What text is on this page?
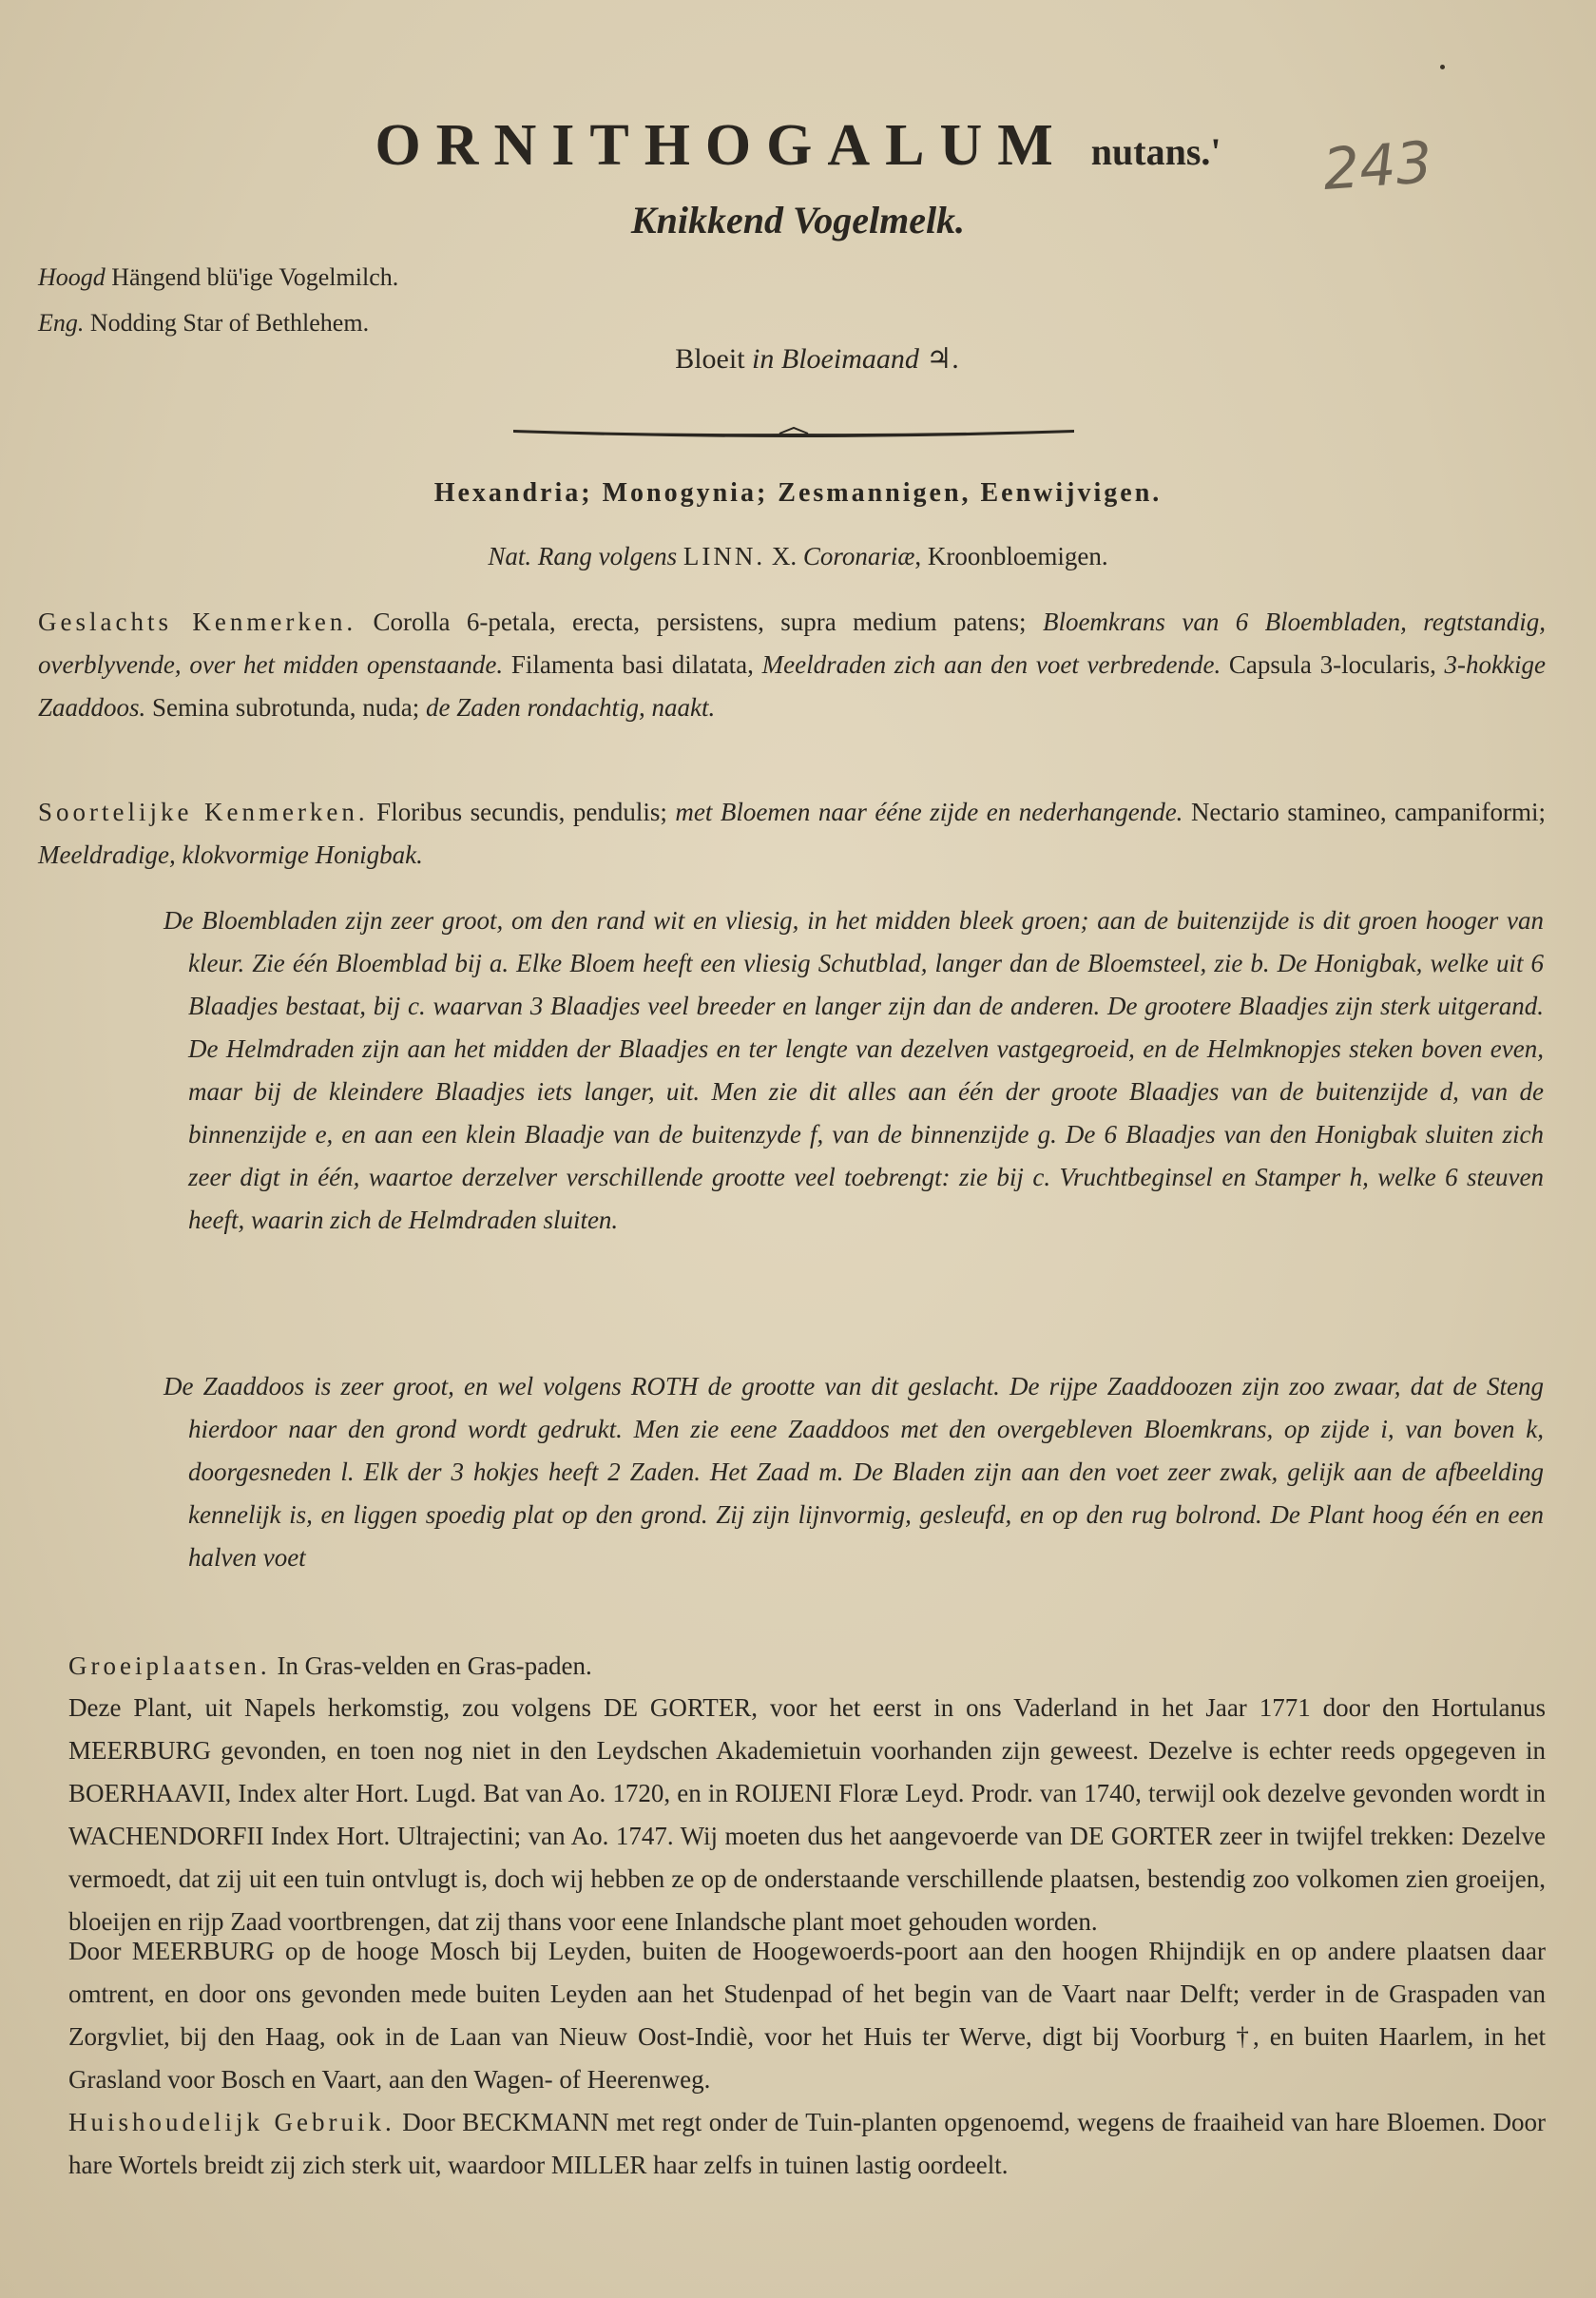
ORNITHOGALUM nutans.'	243
Knikkend Vogelmelk.
Hoogd Hängend blü'ige Vogelmilch.
Eng. Nodding Star of Bethlehem.
Bloeit in Bloeimaand ♃.
Hexandria; Monogynia; Zesmannigen, Eenwijvigen.
Nat. Rang volgens LINN. X. Coronariæ, Kroonbloemigen.
Geslachts Kenmerken. Corolla 6-petala, erecta, persistens, supra medium patens; Bloemkrans van 6 Bloembladen, regtstandig, overblyvende, over het midden openstaande. Filamenta basi dilatata, Meeldraden zich aan den voet verbredende. Capsula 3-locularis, 3-hokkige Zaaddoos. Semina subrotunda, nuda; de Zaden rondachtig, naakt.
Soortelijke Kenmerken. Floribus secundis, pendulis; met Bloemen naar ééne zijde en nederhangende. Nectario stamineo, campaniformi; Meeldradige, klokvormige Honigbak.
De Bloembladen zijn zeer groot, om den rand wit en vliesig, in het midden bleek groen; aan de buitenzijde is dit groen hooger van kleur. Zie één Bloemblad bij a. Elke Bloem heeft een vliesig Schutblad, langer dan de Bloemsteel, zie b. De Honigbak, welke uit 6 Blaadjes bestaat, bij c. waarvan 3 Blaadjes veel breeder en langer zijn dan de anderen. De grootere Blaadjes zijn sterk uitgerand. De Helmdraden zijn aan het midden der Blaadjes en ter lengte van dezelven vastgegroeid, en de Helmknopjes steken boven even, maar bij de kleindere Blaadjes iets langer, uit. Men zie dit alles aan één der groote Blaadjes van de buitenzijde d, van de binnenzijde e, en aan een klein Blaadje van de buitenzyde f, van de binnenzijde g. De 6 Blaadjes van den Honigbak sluiten zich zeer digt in één, waartoe derzelver verschillende grootte veel toebrengt: zie bij c. Vruchtbeginsel en Stamper h, welke 6 steuven heeft, waarin zich de Helmdraden sluiten.
De Zaaddoos is zeer groot, en wel volgens ROTH de grootte van dit geslacht. De rijpe Zaaddoozen zijn zoo zwaar, dat de Steng hierdoor naar den grond wordt gedrukt. Men zie eene Zaaddoos met den overgebleven Bloemkrans, op zijde i, van boven k, doorgesneden l. Elk der 3 hokjes heeft 2 Zaden. Het Zaad m. De Bladen zijn aan den voet zeer zwak, gelijk aan de afbeelding kennelijk is, en liggen spoedig plat op den grond. Zij zijn lijnvormig, gesleufd, en op den rug bolrond. De Plant hoog één en een halven voet
Groeiplaatsen. In Gras-velden en Gras-paden.
Deze Plant, uit Napels herkomstig, zou volgens DE GORTER, voor het eerst in ons Vaderland in het Jaar 1771 door den Hortulanus MEERBURG gevonden, en toen nog niet in den Leydschen Akademietuin voorhanden zijn geweest. Dezelve is echter reeds opgegeven in BOERHAAVII, Index alter Hort. Lugd. Bat van Ao. 1720, en in ROIJENI Floræ Leyd. Prodr. van 1740, terwijl ook dezelve gevonden wordt in WACHENDORFII Index Hort. Ultrajectini; van Ao. 1747. Wij moeten dus het aangevoerde van DE GORTER zeer in twijfel trekken: Dezelve vermoedt, dat zij uit een tuin ontvlugt is, doch wij hebben ze op de onderstaande verschillende plaatsen, bestendig zoo volkomen zien groeijen, bloeijen en rijp Zaad voortbrengen, dat zij thans voor eene Inlandsche plant moet gehouden worden.
Door MEERBURG op de hooge Mosch bij Leyden, buiten de Hoogewoerds-poort aan den hoogen Rhijndijk en op andere plaatsen daar omtrent, en door ons gevonden mede buiten Leyden aan het Studenpad of het begin van de Vaart naar Delft; verder in de Graspaden van Zorgvliet, bij den Haag, ook in de Laan van Nieuw Oost-Indiè, voor het Huis ter Werve, digt bij Voorburg †, en buiten Haarlem, in het Grasland voor Bosch en Vaart, aan den Wagen- of Heerenweg.
Huishoudelijk Gebruik. Door BECKMANN met regt onder de Tuin-planten opgenoemd, wegens de fraaiheid van hare Bloemen. Door hare Wortels breidt zij zich sterk uit, waardoor MILLER haar zelfs in tuinen lastig oordeelt.
